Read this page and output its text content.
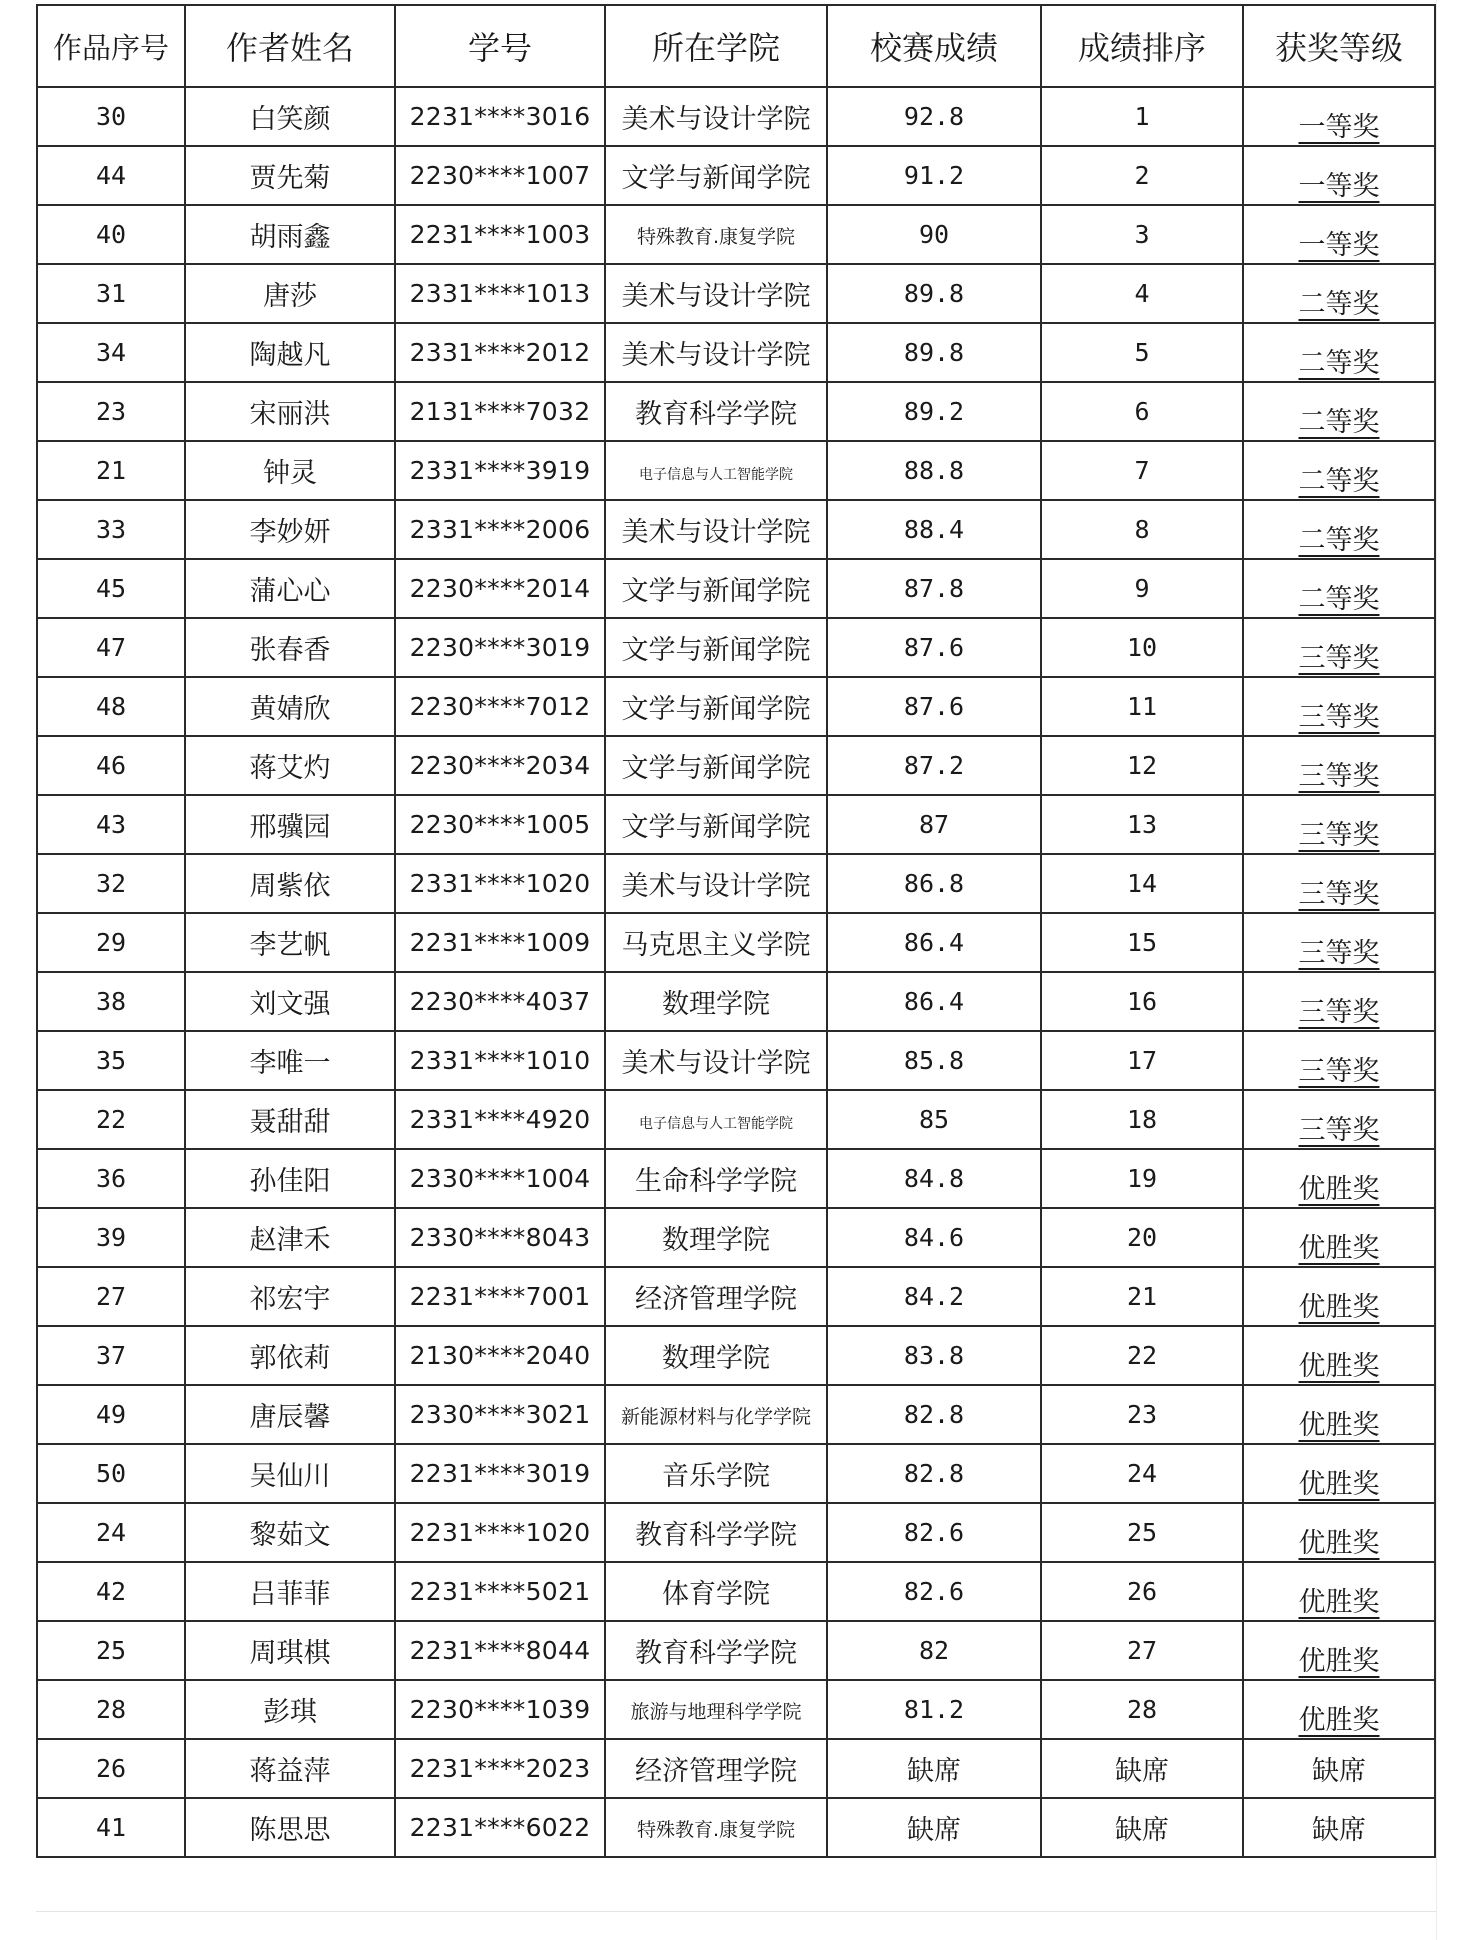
作品序号	作者姓名	学号	所在学院	校赛成绩	成绩排序	获奖等级
30	白笑颜	2231****3016	美术与设计学院	92.8	1	一等奖
44	贾先菊	2230****1007	文学与新闻学院	91.2	2	一等奖
40	胡雨鑫	2231****1003	特殊教育.康复学院	90	3	一等奖
31	唐莎	2331****1013	美术与设计学院	89.8	4	二等奖
34	陶越凡	2331****2012	美术与设计学院	89.8	5	二等奖
23	宋丽洪	2131****7032	教育科学学院	89.2	6	二等奖
21	钟灵	2331****3919	电子信息与人工智能学院	88.8	7	二等奖
33	李妙妍	2331****2006	美术与设计学院	88.4	8	二等奖
45	蒲心心	2230****2014	文学与新闻学院	87.8	9	二等奖
47	张春香	2230****3019	文学与新闻学院	87.6	10	三等奖
48	黄婧欣	2230****7012	文学与新闻学院	87.6	11	三等奖
46	蒋艾灼	2230****2034	文学与新闻学院	87.2	12	三等奖
43	邢骥园	2230****1005	文学与新闻学院	87	13	三等奖
32	周紫依	2331****1020	美术与设计学院	86.8	14	三等奖
29	李艺帆	2231****1009	马克思主义学院	86.4	15	三等奖
38	刘文强	2230****4037	数理学院	86.4	16	三等奖
35	李唯一	2331****1010	美术与设计学院	85.8	17	三等奖
22	聂甜甜	2331****4920	电子信息与人工智能学院	85	18	三等奖
36	孙佳阳	2330****1004	生命科学学院	84.8	19	优胜奖
39	赵津禾	2330****8043	数理学院	84.6	20	优胜奖
27	祁宏宇	2231****7001	经济管理学院	84.2	21	优胜奖
37	郭依莉	2130****2040	数理学院	83.8	22	优胜奖
49	唐辰馨	2330****3021	新能源材料与化学学院	82.8	23	优胜奖
50	吴仙川	2231****3019	音乐学院	82.8	24	优胜奖
24	黎茹文	2231****1020	教育科学学院	82.6	25	优胜奖
42	吕菲菲	2231****5021	体育学院	82.6	26	优胜奖
25	周琪棋	2231****8044	教育科学学院	82	27	优胜奖
28	彭琪	2230****1039	旅游与地理科学学院	81.2	28	优胜奖
26	蒋益萍	2231****2023	经济管理学院	缺席	缺席	缺席
41	陈思思	2231****6022	特殊教育.康复学院	缺席	缺席	缺席
